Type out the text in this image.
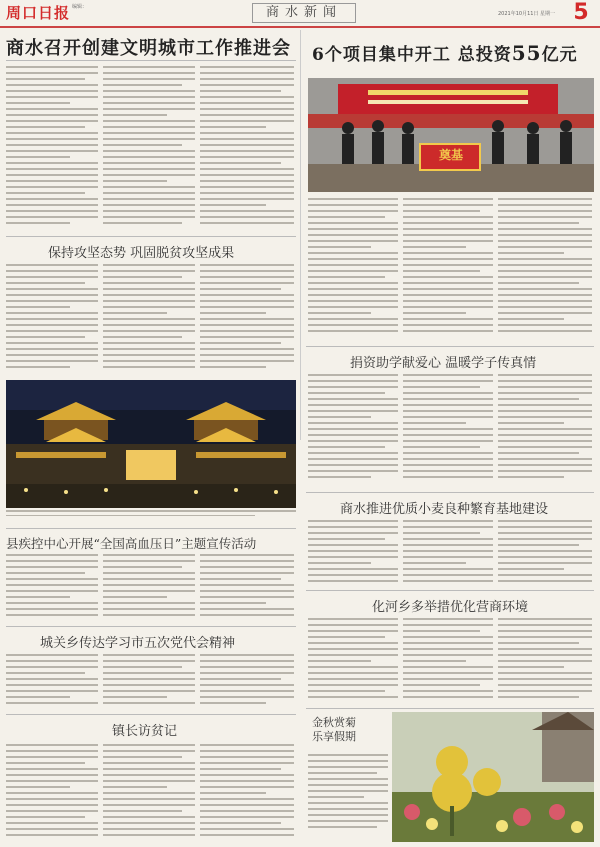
周口日报 编辑：	商水新闻	2021年10月11日 星期一 5
商水召开创建文明城市工作推进会 6个项目集中开工 总投资55亿元
奠基
保持攻坚态势 巩固脱贫攻坚成果
捐资助学献爱心 温暖学子传真情
县疾控中心开展“全国高血压日”主题宣传活动
商水推进优质小麦良种繁育基地建设
化河乡多举措优化营商环境
城关乡传达学习市五次党代会精神
镇长访贫记
金秋赏菊
乐享假期
